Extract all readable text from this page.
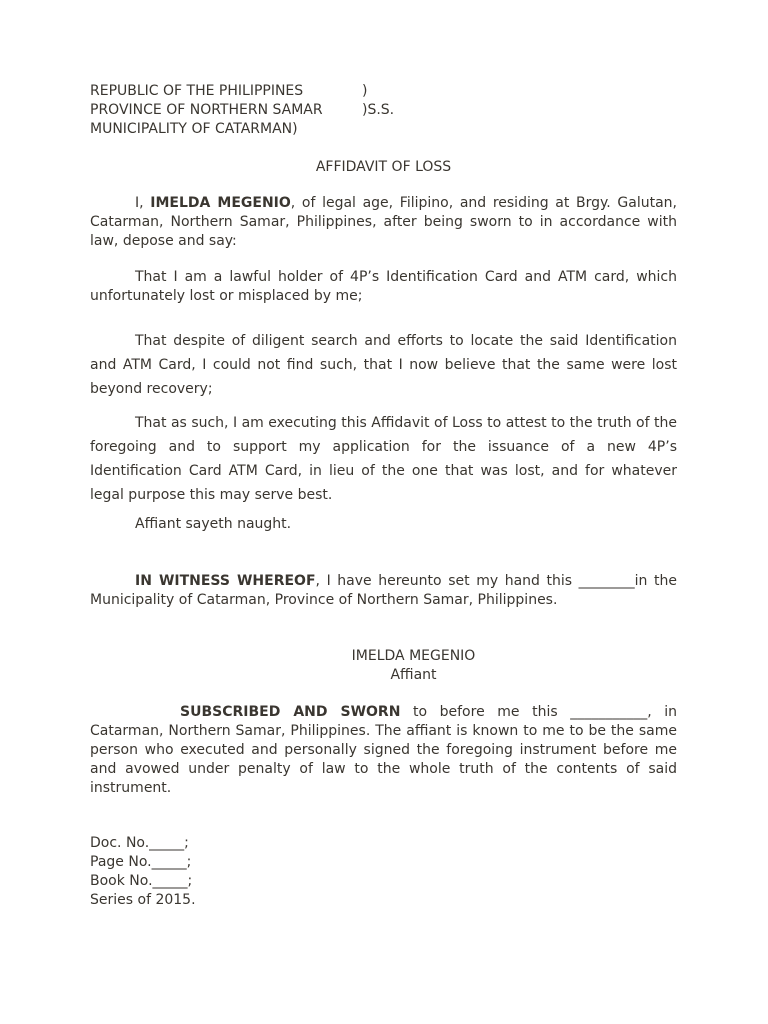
REPUBLIC OF THE PHILIPPINES	)
PROVINCE OF NORTHERN SAMAR	)S.S.
MUNICIPALITY OF CATARMAN)
AFFIDAVIT OF LOSS
I, IMELDA MEGENIO, of legal age, Filipino, and residing at Brgy. Galutan, Catarman, Northern Samar, Philippines, after being sworn to in accordance with law, depose and say:
That I am a lawful holder of 4P’s Identification Card and ATM card, which unfortunately lost or misplaced by me;
That despite of diligent search and efforts to locate the said Identification and ATM Card, I could not find such, that I now believe that the same were lost beyond recovery;
That as such, I am executing this Affidavit of Loss to attest to the truth of the foregoing and to support my application for the issuance of a new 4P’s Identification Card ATM Card, in lieu of the one that was lost, and for whatever legal purpose this may serve best.
Affiant sayeth naught.
IN WITNESS WHEREOF, I have hereunto set my hand this ________in the Municipality of Catarman, Province of Northern Samar, Philippines.
IMELDA MEGENIO
Affiant
SUBSCRIBED AND SWORN to before me this ___________, in Catarman, Northern Samar, Philippines. The affiant is known to me to be the same person who executed and personally signed the foregoing instrument before me and avowed under penalty of law to the whole truth of the contents of said instrument.
Doc. No._____;
Page No._____;
Book No._____;
Series of 2015.
